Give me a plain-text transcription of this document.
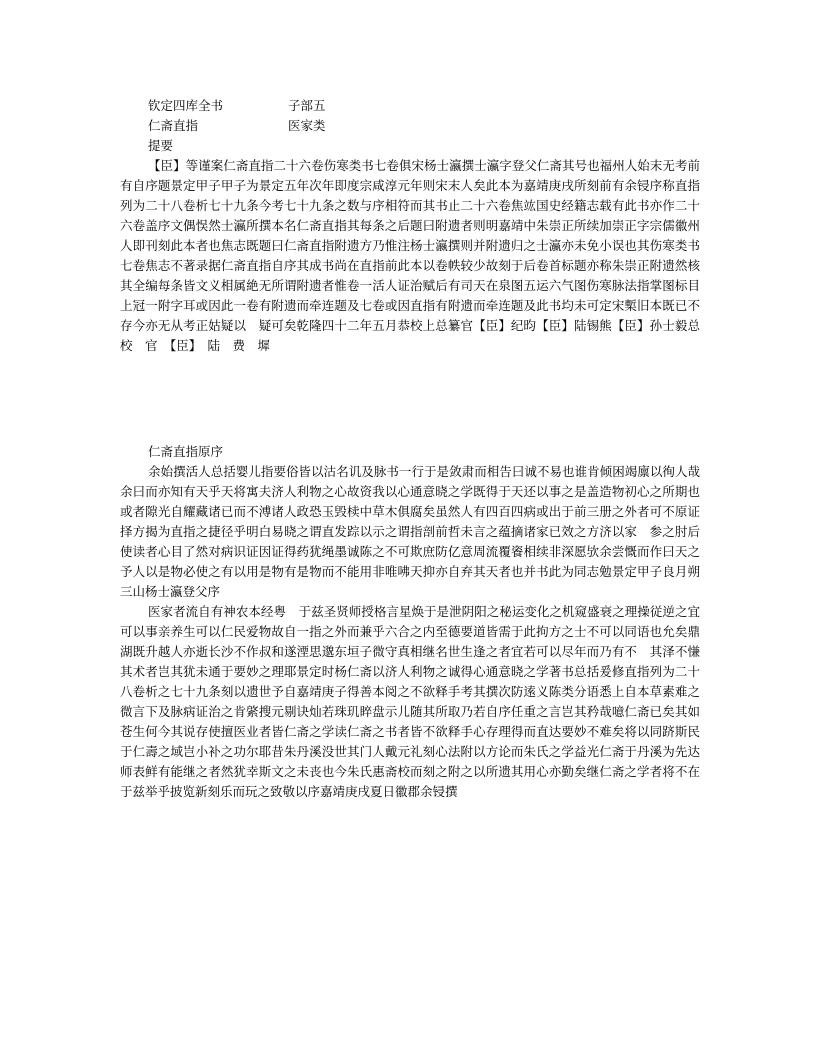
钦定四库全书	子部五
仁斋直指	医家类
提要

【臣】等谨案仁斋直指二十六卷伤寒类书七卷俱宋杨士瀛撰士瀛字登父仁斋其号也福州人始末无考前有自序题景定甲子甲子为景定五年次年即度宗咸淳元年则宋末人矣此本为嘉靖庚戌所刻前有余锓序称直指列为二十八卷析七十九条今考七十九条之数与序相符而其书止二十六卷焦竑国史经籍志载有此书亦作二十六卷盖序文偶悮然士瀛所撰本名仁斋直指其每条之后题曰附遗者则明嘉靖中朱崇正所续加崇正字宗儒徽州人即刊刻此本者也焦志既题曰仁斋直指附遗方乃惟注杨士瀛撰则并附遗归之士瀛亦未免小误也其伤寒类书七卷焦志不著录据仁斋直指自序其成书尚在直指前此本以卷帙较少故刻于后卷首标题亦称朱崇正附遗然核其全编每条皆文义相属絶无所谓附遗者惟卷一活人证治赋后有司天在泉图五运六气图伤寒脉法指掌图标目上冠一附字耳或因此一卷有附遗而牵连题及七卷或因直指有附遗而牵连题及此书均未可定宋槧旧本既已不存今亦无从考正姑疑以　疑可矣乾隆四十二年五月恭校上总纂官【臣】纪昀【臣】陆锡熊【臣】孙士毅总　校　官　【臣】　陆　费　墀

仁斋直指原序

余始撰活人总括婴儿指要俗皆以沽名讥及脉书一行于是敛肃而相告曰诚不易也谁肯倾困竭廪以徇人哉余曰而亦知有天乎天将寓夫济人利物之心故资我以心通意晓之学既得于天还以事之是盖造物初心之所期也或者隙光自耀藏诸已而不溥诸人政恐玉毁椟中草木俱腐矣虽然人有四百四病或出于前三册之外者可不原证择方揭为直指之捷径乎明白易晓之谓直发踪以示之谓指剖前哲未言之蕴摘诸家已效之方济以家　参之肘后使读者心目了然对病识证因证得药犹绳墨诚陈之不可欺庶防亿意周流覆餈相续非深愿欤余尝慨而作曰天之予人以是物必使之有以用是物有是物而不能用非唯咈天抑亦自弃其天者也并书此为同志勉景定甲子良月朔三山杨士瀛登父序

医家者流自有神农本经粤　于兹圣贤师授格言星焕于是泄阴阳之秘运变化之机窥盛衰之理操従逆之宜可以事亲养生可以仁民爱物故自一指之外而兼乎六合之内至德要道皆需于此拘方之士不可以同语也允矣鼎湖既升越人亦逝长沙不作叔和遂湮思邈东垣子微守真相继名世生逢之者宜若可以尽年而乃有不　其泽不慊其术者岂其犹未通于要妙之理耶景定时杨仁斋以济人利物之诚得心通意晓之学著书总括爰修直指列为二十八卷析之七十九条刻以遗世予自嘉靖庚子得善本阅之不欲释手考其撰次防逺义陈类分语悉上自本草素难之微言下及脉病证治之肯綮搜元剔诀灿若珠玑睟盘示儿随其所取乃若自序任重之言岂其矜哉噫仁斋已矣其如苍生何今其说存使擅医业者皆仁斋之学读仁斋之书者皆不欲释手心存理得而直达要妙不难矣将以同跻斯民于仁壽之域岂小补之功尔耶昔朱丹溪没世其门人戴元礼刻心法附以方论而朱氏之学益光仁斋于丹溪为先达师表鲜有能继之者然犹幸斯文之未丧也今朱氏惠斋校而刻之附之以所遗其用心亦勤矣继仁斋之学者将不在于兹举乎披览新刻乐而玩之致敬以序嘉靖庚戌夏日徽郡余锓撰
